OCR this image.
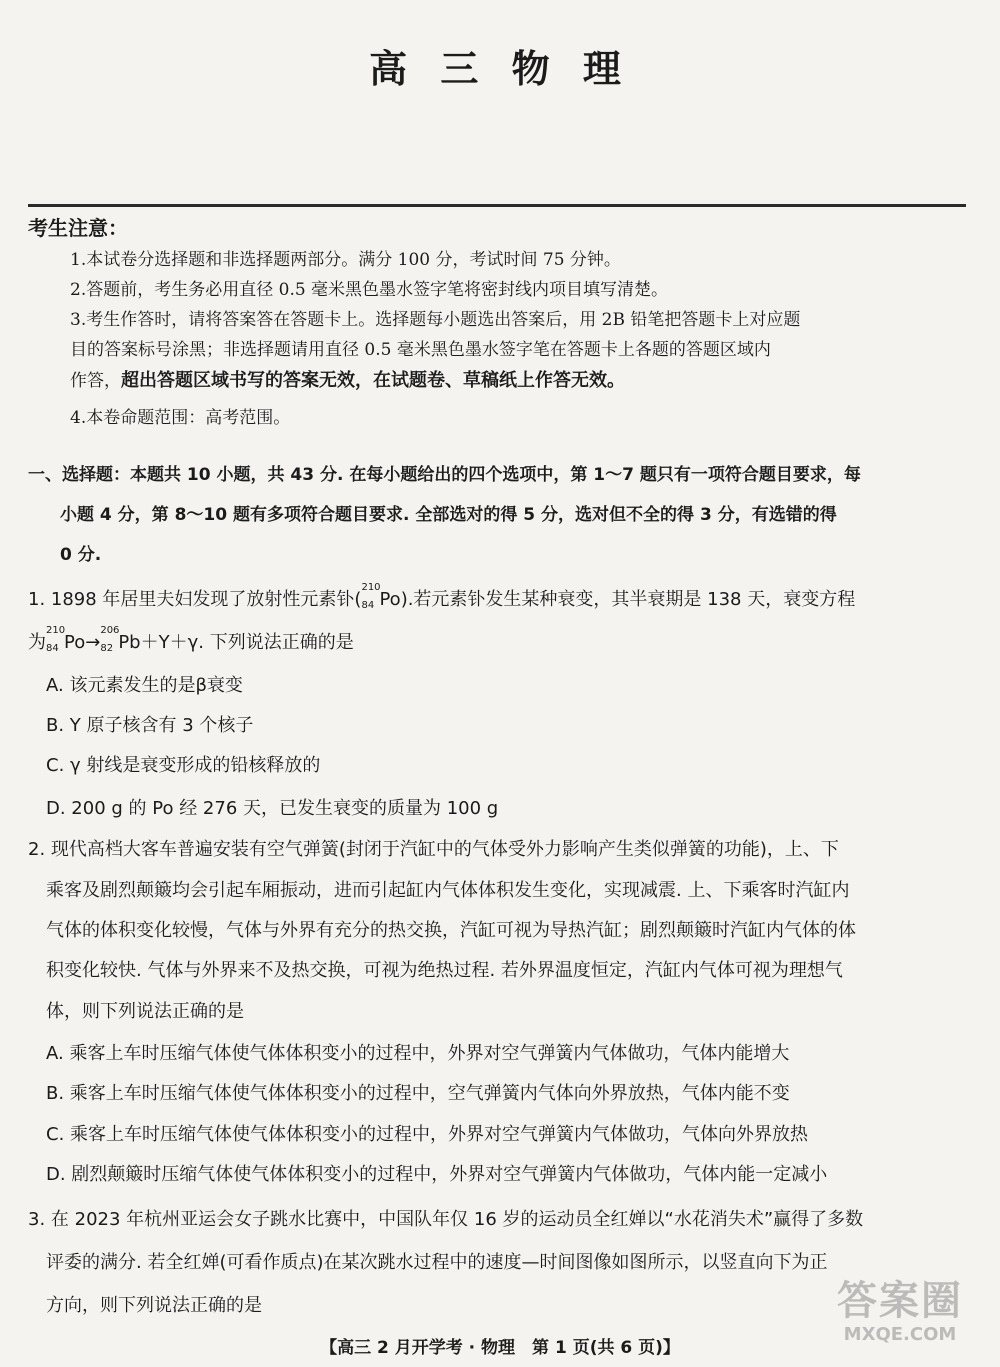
高 三 物 理
考生注意：
1.本试卷分选择题和非选择题两部分。满分 100 分，考试时间 75 分钟。
2.答题前，考生务必用直径 0.5 毫米黑色墨水签字笔将密封线内项目填写清楚。
3.考生作答时，请将答案答在答题卡上。选择题每小题选出答案后，用 2B 铅笔把答题卡上对应题
目的答案标号涂黑；非选择题请用直径 0.5 毫米黑色墨水签字笔在答题卡上各题的答题区域内
作答，超出答题区域书写的答案无效，在试题卷、草稿纸上作答无效。
4.本卷命题范围：高考范围。
一、选择题：本题共 10 小题，共 43 分. 在每小题给出的四个选项中，第 1～7 题只有一项符合题目要求，每
小题 4 分，第 8～10 题有多项符合题目要求. 全部选对的得 5 分，选对但不全的得 3 分，有选错的得
0 分.
1. 1898 年居里夫妇发现了放射性元素钋(
210
84 Po).若元素钋发生某种衰变，其半衰期是 138 天，衰变方程
为
210
84 Po→
206
82 Pb＋Y＋γ. 下列说法正确的是
A. 该元素发生的是β衰变
B. Y 原子核含有 3 个核子
C. γ 射线是衰变形成的铅核释放的
D. 200 g 的 Po 经 276 天，已发生衰变的质量为 100 g
2. 现代高档大客车普遍安装有空气弹簧(封闭于汽缸中的气体受外力影响产生类似弹簧的功能)，上、下
乘客及剧烈颠簸均会引起车厢振动，进而引起缸内气体体积发生变化，实现减震. 上、下乘客时汽缸内
气体的体积变化较慢，气体与外界有充分的热交换，汽缸可视为导热汽缸；剧烈颠簸时汽缸内气体的体
积变化较快. 气体与外界来不及热交换，可视为绝热过程. 若外界温度恒定，汽缸内气体可视为理想气
体，则下列说法正确的是
A. 乘客上车时压缩气体使气体体积变小的过程中，外界对空气弹簧内气体做功，气体内能增大
B. 乘客上车时压缩气体使气体体积变小的过程中，空气弹簧内气体向外界放热，气体内能不变
C. 乘客上车时压缩气体使气体体积变小的过程中，外界对空气弹簧内气体做功，气体向外界放热
D. 剧烈颠簸时压缩气体使气体体积变小的过程中，外界对空气弹簧内气体做功，气体内能一定减小
3. 在 2023 年杭州亚运会女子跳水比赛中，中国队年仅 16 岁的运动员全红婵以“水花消失术”赢得了多数
评委的满分. 若全红婵(可看作质点)在某次跳水过程中的速度—时间图像如图所示，以竖直向下为正
方向，则下列说法正确的是
【高三 2 月开学考 · 物理　第 1 页(共 6 页)】
答案圈
MXQE.COM
